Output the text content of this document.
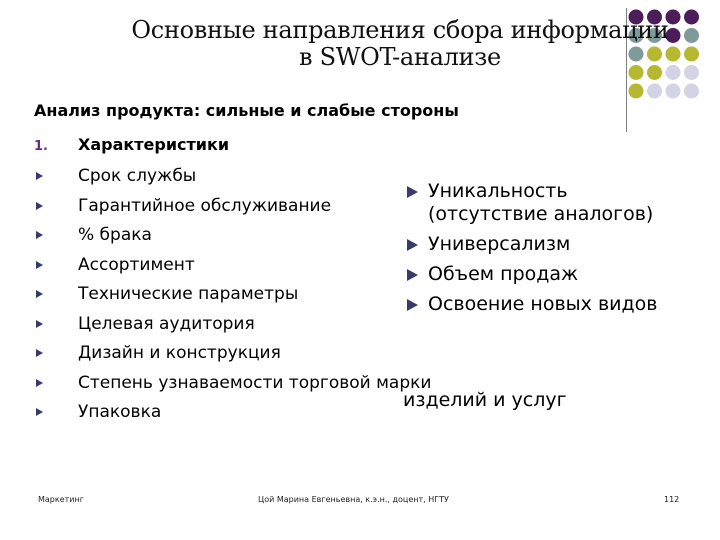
Основные направления сбора информации
в SWOT-анализе
Анализ продукта: сильные и слабые стороны
1. Характеристики
Срок службы
Гарантийное обслуживание
% брака
Ассортимент
Технические параметры
Целевая аудитория
Дизайн и конструкция
Степень узнаваемости торговой марки
Упаковка
Уникальность (отсутствие аналогов)
Универсализм
Объем продаж
Освоение новых видов
изделий и услуг
Маркетинг	Цой Марина Евгеньевна, к.э.н., доцент, НГТУ	112
